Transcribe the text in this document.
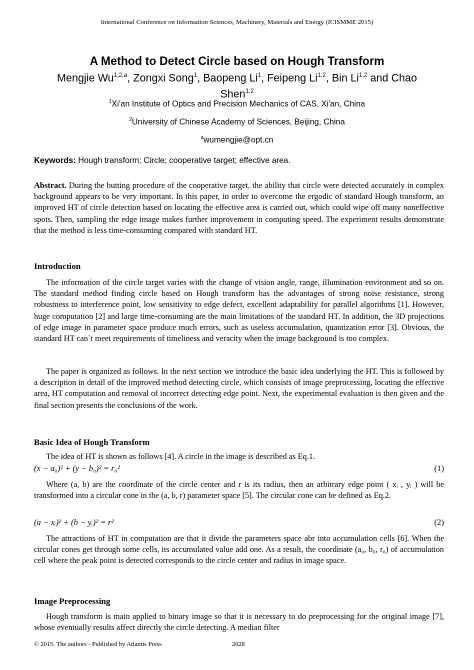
International Conference on Information Sciences, Machinery, Materials and Energy (ICISMME 2015)
A Method to Detect Circle based on Hough Transform
Mengjie Wu$^{1,2,a}$, Zongxi Song$^1$, Baopeng Li$^1$, Feipeng Li$^{1,2}$, Bin Li$^{1,2}$ and Chao Shen$^{1,2}$
$^1$Xi'an Institute of Optics and Precision Mechanics of CAS, Xi'an, China
$^2$University of Chinese Academy of Sciences, Beijing, China
$^a$wumengjie@opt.cn
Keywords: Hough transform; Circle; cooperative target; effective area.
Abstract. During the butting procedure of the cooperative target, the ability that circle were detected accurately in complex background appears to be very important. In this paper, in order to overcome the ergodic of standard Hough transform, an improved HT of circle detection based on locating the effective area is carried out, which could wipe off many noneffective spots. Then, sampling the edge image makes further improvement in computing speed. The experiment results demonstrate that the method is less time-consuming compared with standard HT.
Introduction
The information of the circle target varies with the change of vision angle, range, illumination environment and so on. The standard method finding circle based on Hough transform has the advantages of strong noise resistance, strong robustness to interference point, low sensitivity to edge defect, excellent adaptability for parallel algorithms [1]. However, huge computation [2] and large time-consuming are the main limitations of the standard HT. In addition, the 3D projections of edge image in parameter space produce much errors, such as useless accumulation, quantization error [3]. Obvious, the standard HT can`t meet requirements of timeliness and veracity when the image background is too complex.
The paper is organized as follows. In the next section we introduce the basic idea underlying the HT. This is followed by a description in detail of the improved method detecting circle, which consists of image preprocessing, locating the effective area, HT computation and removal of incorrect detecting edge point. Next, the experimental evaluation is then given and the final section presents the conclusions of the work.
Basic Idea of Hough Transform
The idea of HT is shown as follows [4]. A circle in the image is described as Eq.1.
(x − a₀)² + (y − b₀)² = r₀²	(1)
Where (a, b) are the coordinate of the circle center and r is its radius, then an arbitrary edge point ( xᵢ , yᵢ ) will be transformed into a circular cone in the (a, b, r) parameter space [5]. The circular cone can be defined as Eq.2.
(a − xᵢ)² + (b − yᵢ)² = r²	(2)
The attractions of HT in computation are that it divide the parameters space abr into accumulation cells [6]. When the circular cones get through some cells, its accumulated value add one. As a result, the coordinate (a₀, b₀, r₀) of accumulation cell where the peak point is detected corresponds to the circle center and radius in image space.
Image Preprocessing
Hough transform is main applied to binary image so that it is necessary to do preprocessing for the original image [7], whose eventually results affect directly the circle detecting. A median filter
© 2015. The authors - Published by Atlantis Press	2028
